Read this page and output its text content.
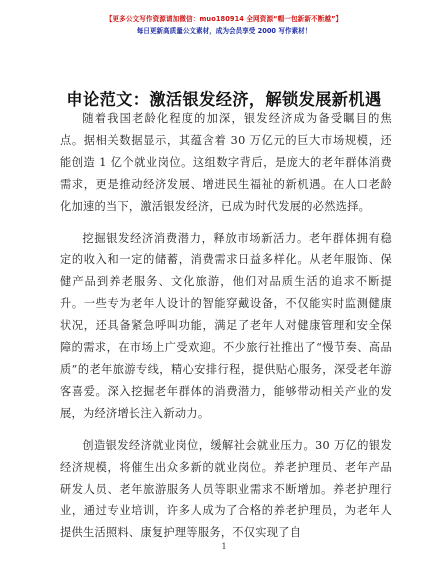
【更多公文写作资源请加微信：muo180914 全网资源“帽一包新新不断越”】
每日更新高质量公文素材，成为会员享受 2000 写作素材！
申论范文：激活银发经济，解锁发展新机遇

随着我国老龄化程度的加深，银发经济成为备受瞩目的焦点。据相关数据显示，其蕴含着 30 万亿元的巨大市场规模，还能创造 1 亿个就业岗位。这组数字背后，是庞大的老年群体消费需求，更是推动经济发展、增进民生福祉的新机遇。在人口老龄化加速的当下，激活银发经济，已成为时代发展的必然选择。

挖掘银发经济消费潜力，释放市场新活力。老年群体拥有稳定的收入和一定的储蓄，消费需求日益多样化。从老年服饰、保健产品到养老服务、文化旅游，他们对品质生活的追求不断提升。一些专为老年人设计的智能穿戴设备，不仅能实时监测健康状况，还具备紧急呼叫功能，满足了老年人对健康管理和安全保障的需求，在市场上广受欢迎。不少旅行社推出了“慢节奏、高品质”的老年旅游专线，精心安排行程，提供贴心服务，深受老年游客喜爱。深入挖掘老年群体的消费潜力，能够带动相关产业的发展，为经济增长注入新动力。

创造银发经济就业岗位，缓解社会就业压力。30 万亿的银发经济规模，将催生出众多新的就业岗位。养老护理员、老年产品研发人员、老年旅游服务人员等职业需求不断增加。养老护理行业，通过专业培训，许多人成为了合格的养老护理员，为老年人提供生活照料、康复护理等服务，不仅实现了自

1
